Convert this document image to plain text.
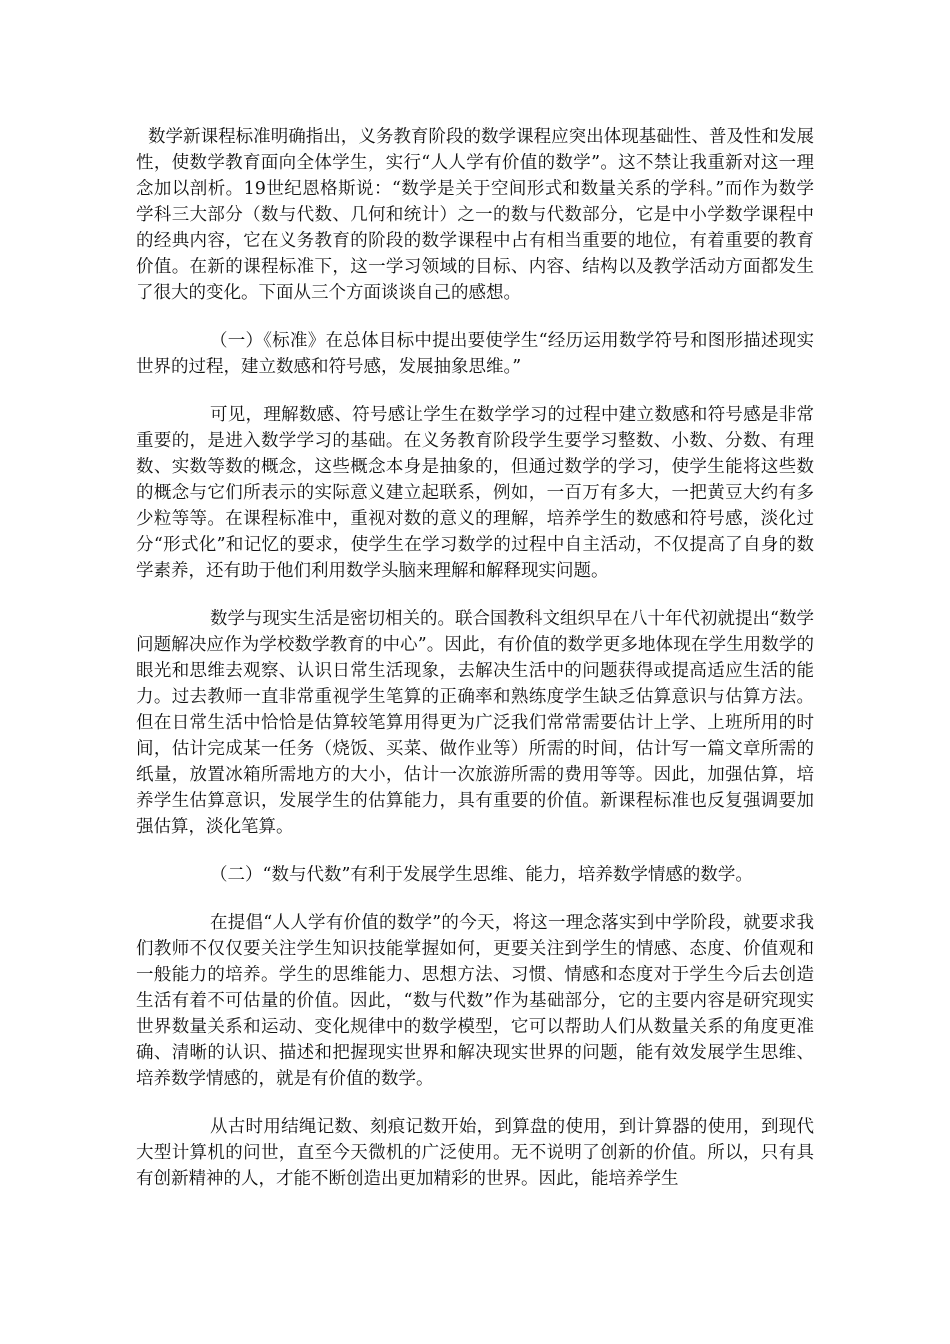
数学新课程标准明确指出，义务教育阶段的数学课程应突出体现基础性、普及性和发展性，使数学教育面向全体学生，实行“人人学有价值的数学”。这不禁让我重新对这一理念加以剖析。19世纪恩格斯说：“数学是关于空间形式和数量关系的学科。”而作为数学学科三大部分（数与代数、几何和统计）之一的数与代数部分，它是中小学数学课程中的经典内容，它在义务教育的阶段的数学课程中占有相当重要的地位，有着重要的教育价值。在新的课程标准下，这一学习领域的目标、内容、结构以及教学活动方面都发生了很大的变化。下面从三个方面谈谈自己的感想。

（一）《标准》在总体目标中提出要使学生“经历运用数学符号和图形描述现实世界的过程，建立数感和符号感，发展抽象思维。”

可见，理解数感、符号感让学生在数学学习的过程中建立数感和符号感是非常重要的，是进入数学学习的基础。在义务教育阶段学生要学习整数、小数、分数、有理数、实数等数的概念，这些概念本身是抽象的，但通过数学的学习，使学生能将这些数的概念与它们所表示的实际意义建立起联系，例如，一百万有多大，一把黄豆大约有多少粒等等。在课程标准中，重视对数的意义的理解，培养学生的数感和符号感，淡化过分“形式化”和记忆的要求，使学生在学习数学的过程中自主活动，不仅提高了自身的数学素养，还有助于他们利用数学头脑来理解和解释现实问题。

数学与现实生活是密切相关的。联合国教科文组织早在八十年代初就提出“数学问题解决应作为学校数学教育的中心”。因此，有价值的数学更多地体现在学生用数学的眼光和思维去观察、认识日常生活现象，去解决生活中的问题获得或提高适应生活的能力。过去教师一直非常重视学生笔算的正确率和熟练度学生缺乏估算意识与估算方法。但在日常生活中恰恰是估算较笔算用得更为广泛我们常常需要估计上学、上班所用的时间，估计完成某一任务（烧饭、买菜、做作业等）所需的时间，估计写一篇文章所需的纸量，放置冰箱所需地方的大小，估计一次旅游所需的费用等等。因此，加强估算，培养学生估算意识，发展学生的估算能力，具有重要的价值。新课程标准也反复强调要加强估算，淡化笔算。

（二）“数与代数”有利于发展学生思维、能力，培养数学情感的数学。

在提倡“人人学有价值的数学”的今天，将这一理念落实到中学阶段，就要求我们教师不仅仅要关注学生知识技能掌握如何，更要关注到学生的情感、态度、价值观和一般能力的培养。学生的思维能力、思想方法、习惯、情感和态度对于学生今后去创造生活有着不可估量的价值。因此，“数与代数”作为基础部分，它的主要内容是研究现实世界数量关系和运动、变化规律中的数学模型，它可以帮助人们从数量关系的角度更准确、清晰的认识、描述和把握现实世界和解决现实世界的问题，能有效发展学生思维、培养数学情感的，就是有价值的数学。

从古时用结绳记数、刻痕记数开始，到算盘的使用，到计算器的使用，到现代大型计算机的问世，直至今天微机的广泛使用。无不说明了创新的价值。所以，只有具有创新精神的人，才能不断创造出更加精彩的世界。因此，能培养学生
